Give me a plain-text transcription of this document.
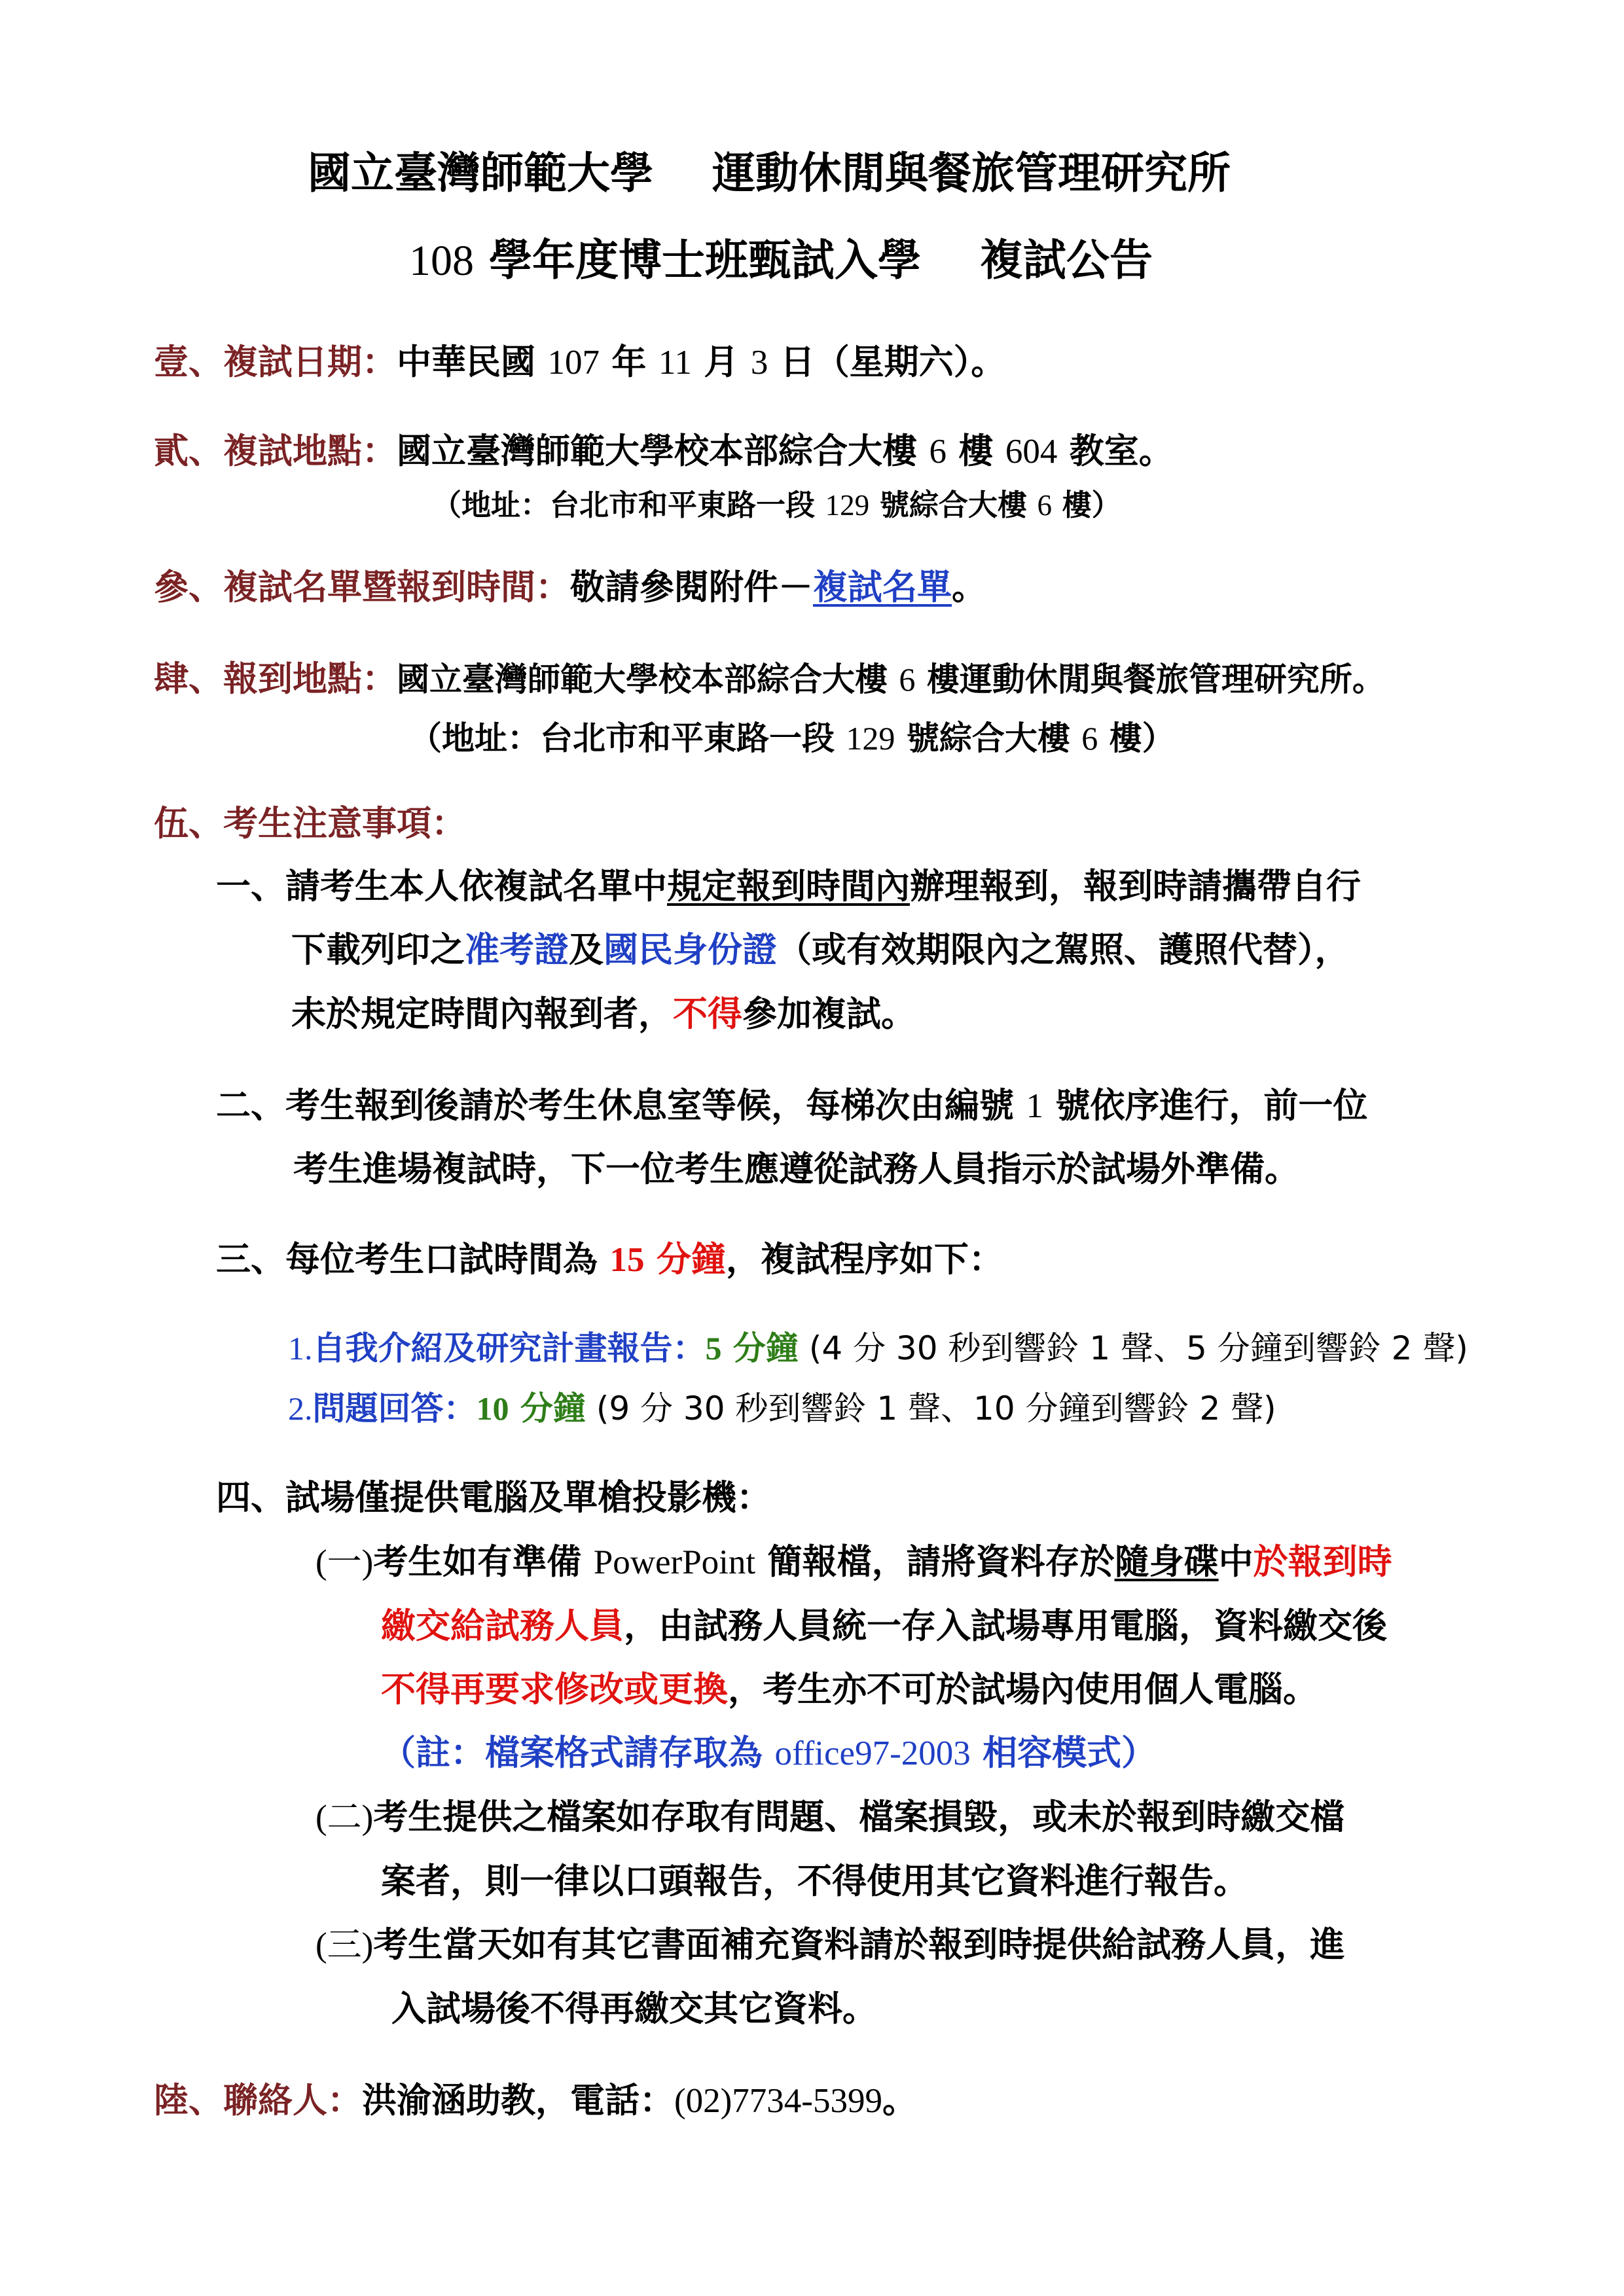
國立臺灣師範大學 運動休閒與餐旅管理研究所
108 學年度博士班甄試入學 複試公告
壹、複試日期：中華民國 107 年 11 月 3 日（星期六）。
貳、複試地點：國立臺灣師範大學校本部綜合大樓 6 樓 604 教室。
（地址：台北市和平東路一段 129 號綜合大樓 6 樓）
參、複試名單暨報到時間：敬請參閱附件－複試名單。
肆、報到地點：國立臺灣師範大學校本部綜合大樓 6 樓運動休閒與餐旅管理研究所。
（地址：台北市和平東路一段 129 號綜合大樓 6 樓）
伍、考生注意事項：
一、請考生本人依複試名單中規定報到時間內辦理報到，報到時請攜帶自行
下載列印之准考證及國民身份證（或有效期限內之駕照、護照代替），
未於規定時間內報到者，不得參加複試。
二、考生報到後請於考生休息室等候，每梯次由編號 1 號依序進行，前一位
考生進場複試時，下一位考生應遵從試務人員指示於試場外準備。
三、每位考生口試時間為 15 分鐘，複試程序如下：
1.自我介紹及研究計畫報告：5 分鐘 (4 分 30 秒到響鈴 1 聲、5 分鐘到響鈴 2 聲)
2.問題回答：10 分鐘 (9 分 30 秒到響鈴 1 聲、10 分鐘到響鈴 2 聲)
四、試場僅提供電腦及單槍投影機：
(一)考生如有準備 PowerPoint 簡報檔，請將資料存於隨身碟中於報到時
繳交給試務人員，由試務人員統一存入試場專用電腦，資料繳交後
不得再要求修改或更換，考生亦不可於試場內使用個人電腦。
（註：檔案格式請存取為 office97-2003 相容模式）
(二)考生提供之檔案如存取有問題、檔案損毀，或未於報到時繳交檔
案者，則一律以口頭報告，不得使用其它資料進行報告。
(三)考生當天如有其它書面補充資料請於報到時提供給試務人員，進
入試場後不得再繳交其它資料。
陸、聯絡人：洪渝涵助教，電話：(02)7734-5399。
